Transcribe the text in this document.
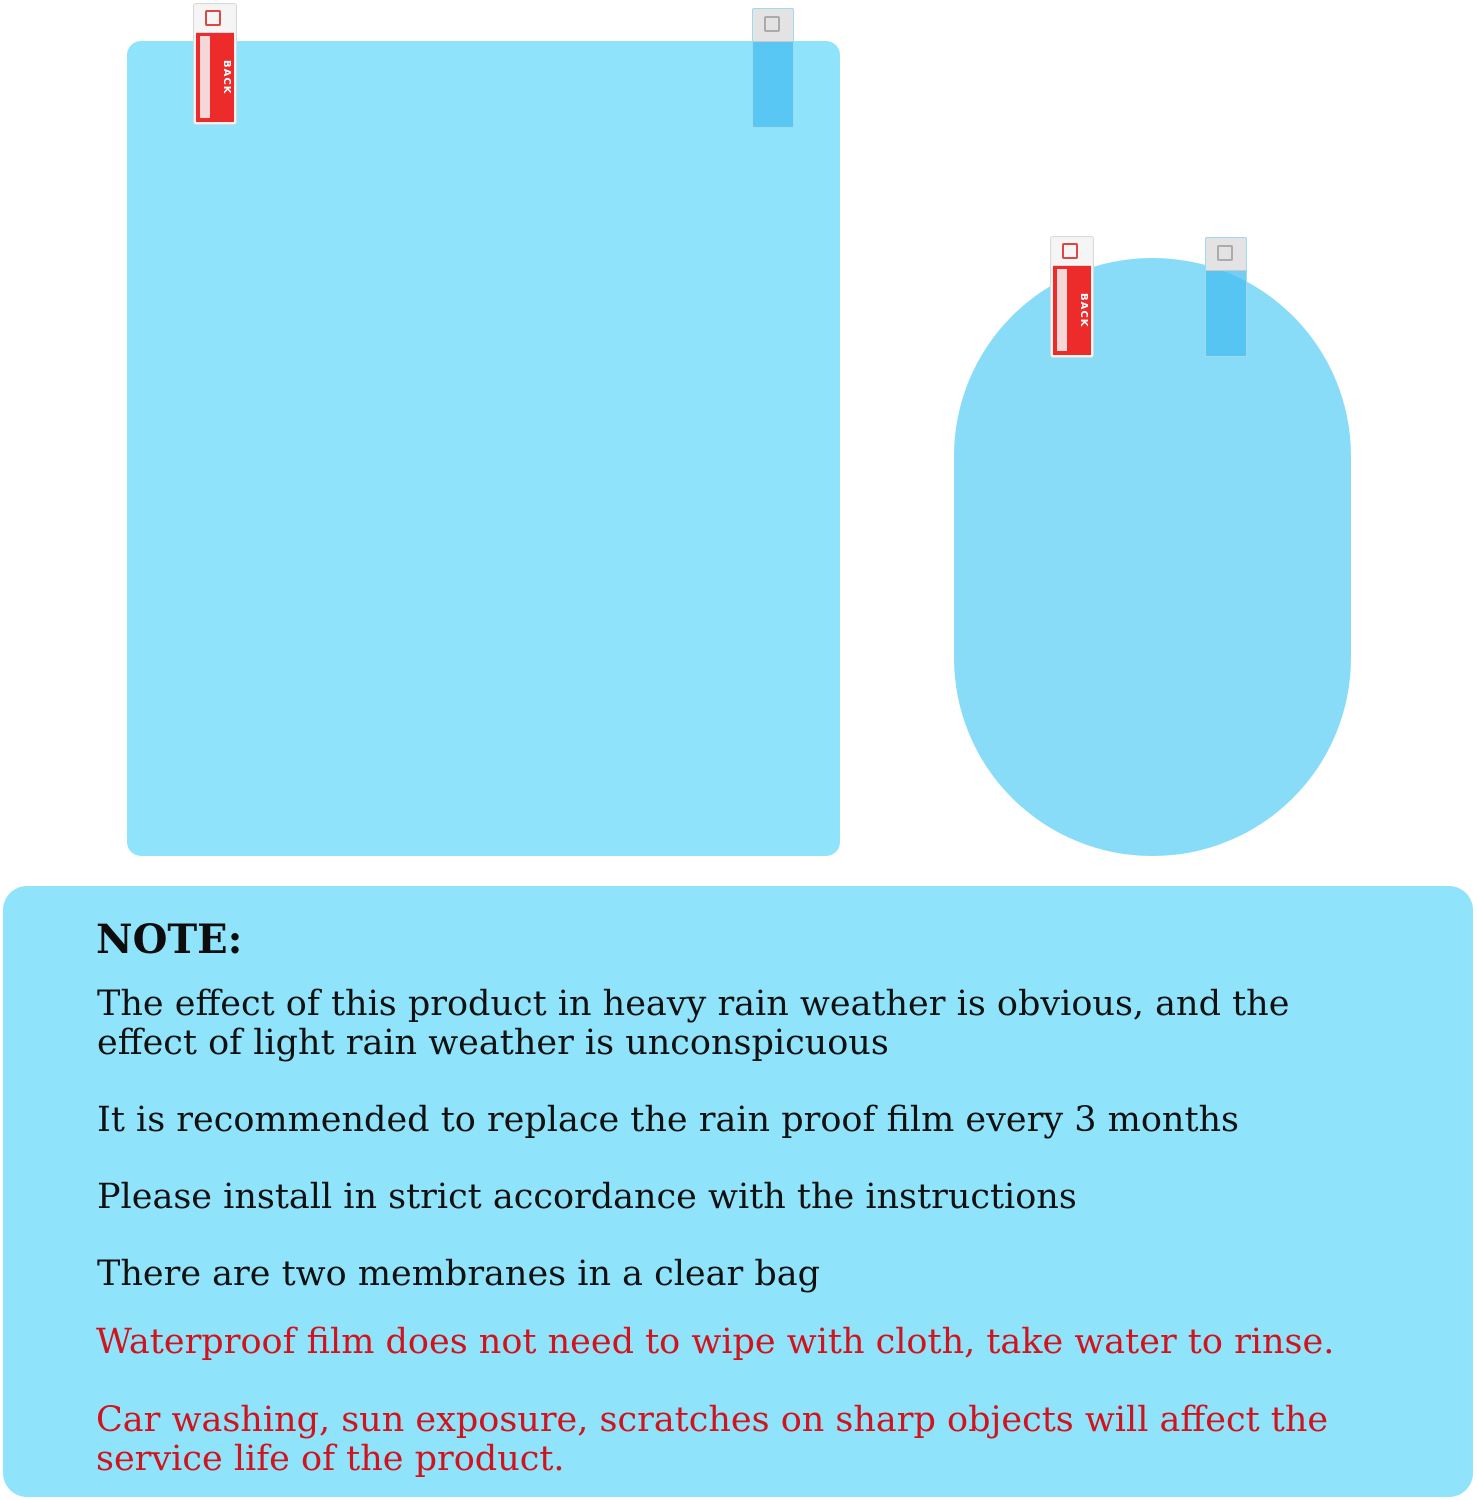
BACK
BACK
NOTE:

The effect of this product in heavy rain weather is obvious, and the
effect of light rain weather is unconspicuous

It is recommended to replace the rain proof film every 3 months

Please install in strict accordance with the instructions

There are two membranes in a clear bag

Waterproof film does not need to wipe with cloth, take water to rinse.

Car washing, sun exposure, scratches on sharp objects will affect the
service life of the product.
